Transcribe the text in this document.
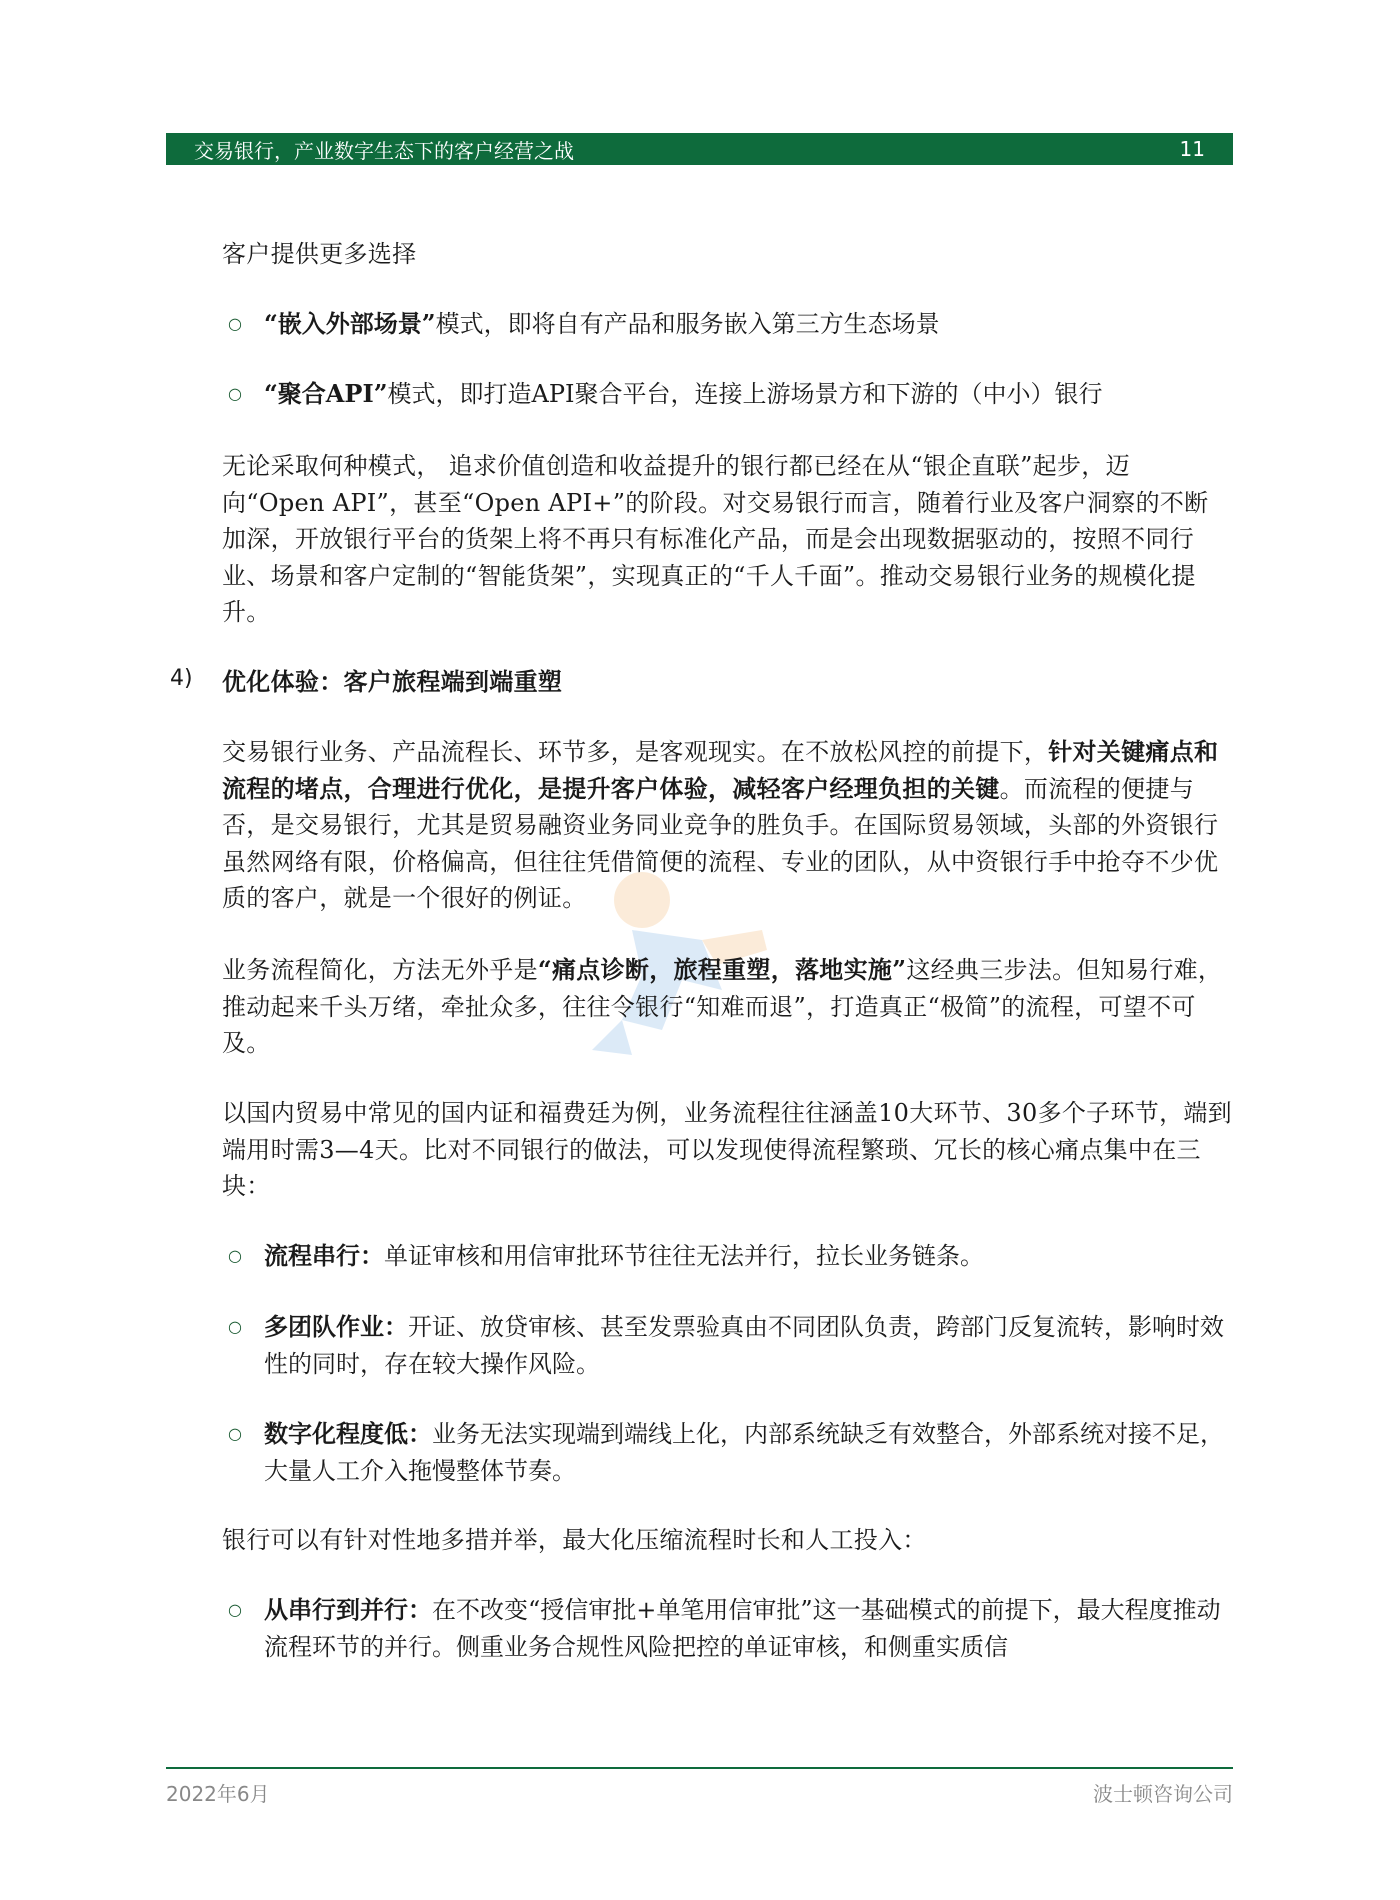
交易银行，产业数字生态下的客户经营之战	11

客户提供更多选择

○ “嵌入外部场景”模式，即将自有产品和服务嵌入第三方生态场景
○ “聚合API”模式，即打造API聚合平台，连接上游场景方和下游的（中小）银行

无论采取何种模式， 追求价值创造和收益提升的银行都已经在从“银企直联”起步，迈向“Open API”，甚至“Open API+”的阶段。对交易银行而言，随着行业及客户洞察的不断加深，开放银行平台的货架上将不再只有标准化产品，而是会出现数据驱动的，按照不同行业、场景和客户定制的“智能货架”，实现真正的“千人千面”。推动交易银行业务的规模化提升。

优化体验：客户旅程端到端重塑

交易银行业务、产品流程长、环节多，是客观现实。在不放松风控的前提下，针对关键痛点和流程的堵点，合理进行优化，是提升客户体验，减轻客户经理负担的关键。而流程的便捷与否，是交易银行，尤其是贸易融资业务同业竞争的胜负手。在国际贸易领域，头部的外资银行虽然网络有限，价格偏高，但往往凭借简便的流程、专业的团队，从中资银行手中抢夺不少优质的客户，就是一个很好的例证。

业务流程简化，方法无外乎是“痛点诊断，旅程重塑，落地实施”这经典三步法。但知易行难，推动起来千头万绪，牵扯众多，往往令银行“知难而退”，打造真正“极简”的流程，可望不可及。

以国内贸易中常见的国内证和福费廷为例，业务流程往往涵盖10大环节、30多个子环节，端到端用时需3—4天。比对不同银行的做法，可以发现使得流程繁琐、冗长的核心痛点集中在三块：

○ 流程串行：单证审核和用信审批环节往往无法并行，拉长业务链条。
○ 多团队作业：开证、放贷审核、甚至发票验真由不同团队负责，跨部门反复流转，影响时效性的同时，存在较大操作风险。
○ 数字化程度低：业务无法实现端到端线上化，内部系统缺乏有效整合，外部系统对接不足，大量人工介入拖慢整体节奏。

银行可以有针对性地多措并举，最大化压缩流程时长和人工投入：

○ 从串行到并行：在不改变“授信审批+单笔用信审批”这一基础模式的前提下，最大程度推动流程环节的并行。侧重业务合规性风险把控的单证审核，和侧重实质信
4)
2022年6月	波士顿咨询公司
